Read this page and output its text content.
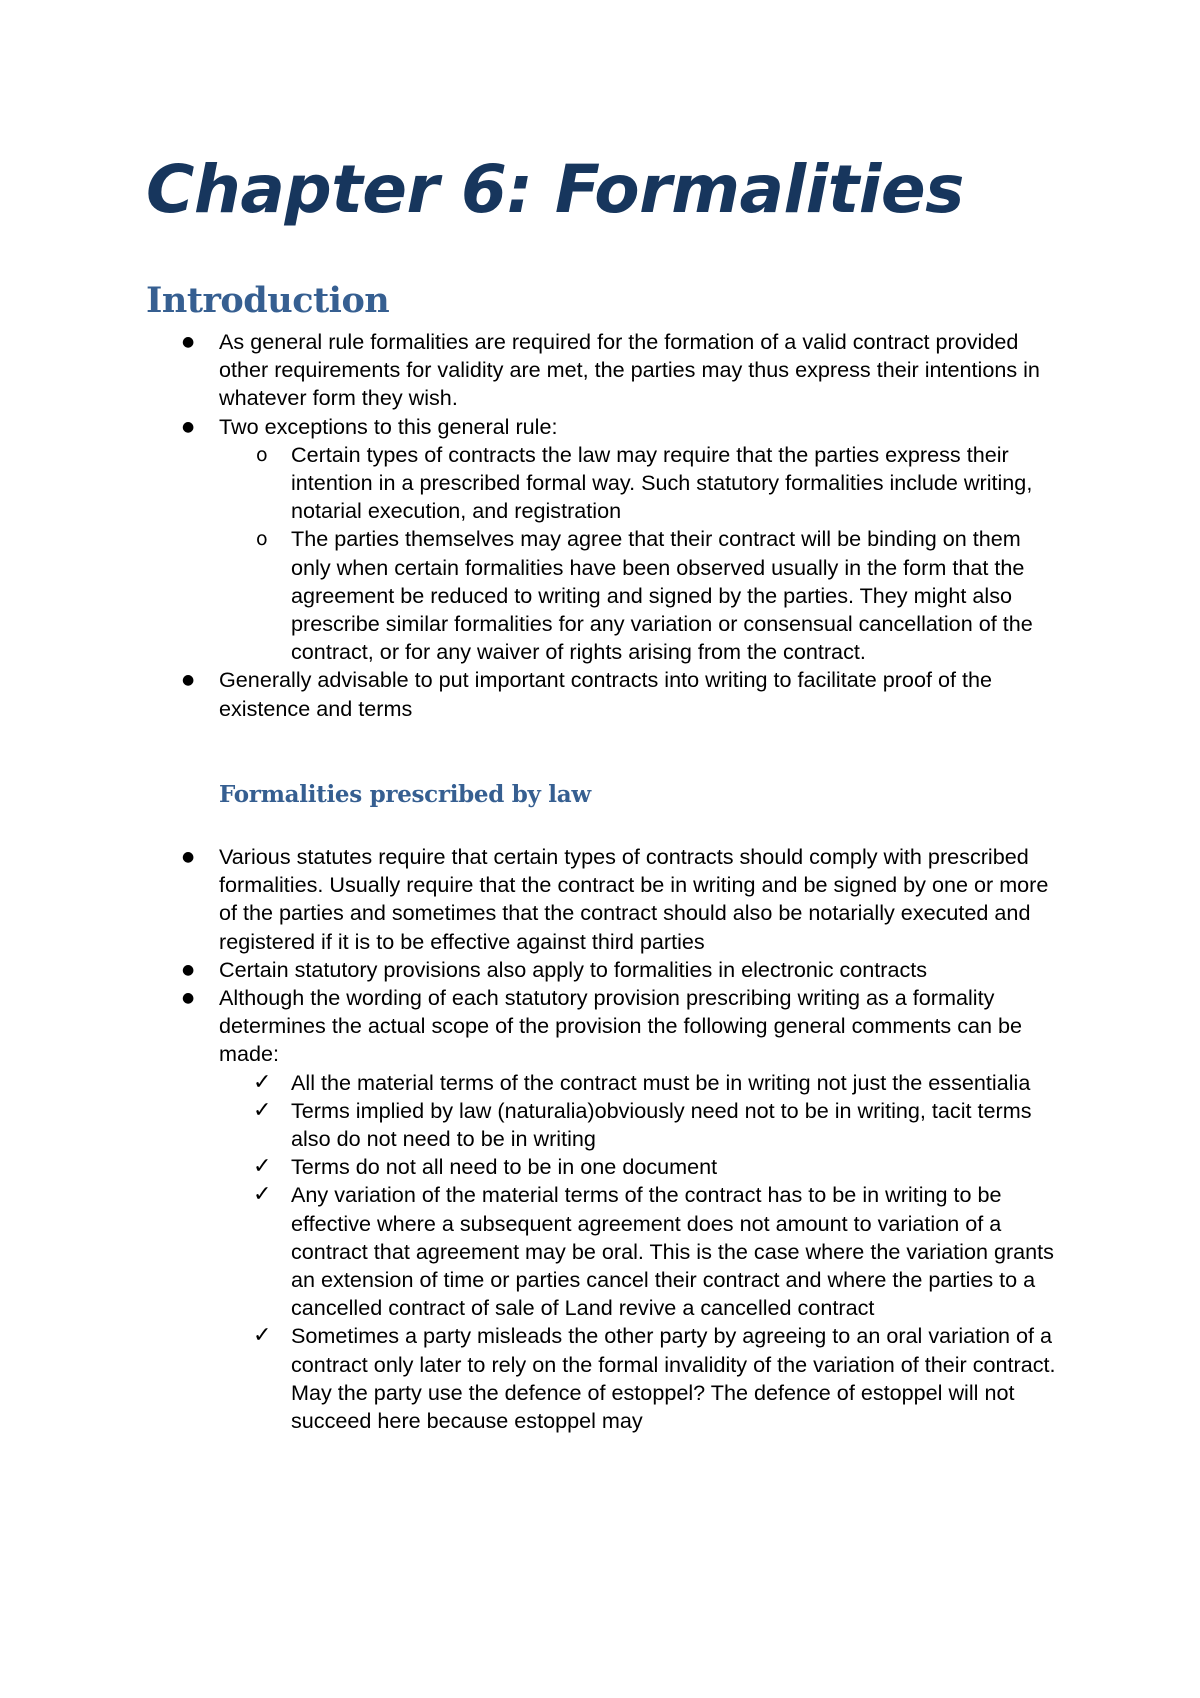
Chapter 6: Formalities
Introduction
● As general rule formalities are required for the formation of a valid contract provided other requirements for validity are met, the parties may thus express their intentions in whatever form they wish.
● Two exceptions to this general rule:
o Certain types of contracts the law may require that the parties express their intention in a prescribed formal way. Such statutory formalities include writing, notarial execution, and registration
o The parties themselves may agree that their contract will be binding on them only when certain formalities have been observed usually in the form that the agreement be reduced to writing and signed by the parties. They might also prescribe similar formalities for any variation or consensual cancellation of the contract, or for any waiver of rights arising from the contract.
● Generally advisable to put important contracts into writing to facilitate proof of the existence and terms
Formalities prescribed by law
● Various statutes require that certain types of contracts should comply with prescribed formalities. Usually require that the contract be in writing and be signed by one or more of the parties and sometimes that the contract should also be notarially executed and registered if it is to be effective against third parties
● Certain statutory provisions also apply to formalities in electronic contracts
● Although the wording of each statutory provision prescribing writing as a formality determines the actual scope of the provision the following general comments can be made:
✓ All the material terms of the contract must be in writing not just the essentialia
✓ Terms implied by law (naturalia)obviously need not to be in writing, tacit terms also do not need to be in writing
✓ Terms do not all need to be in one document
✓ Any variation of the material terms of the contract has to be in writing to be effective where a subsequent agreement does not amount to variation of a contract that agreement may be oral. This is the case where the variation grants an extension of time or parties cancel their contract and where the parties to a cancelled contract of sale of Land revive a cancelled contract
✓ Sometimes a party misleads the other party by agreeing to an oral variation of a contract only later to rely on the formal invalidity of the variation of their contract. May the party use the defence of estoppel? The defence of estoppel will not succeed here because estoppel may
